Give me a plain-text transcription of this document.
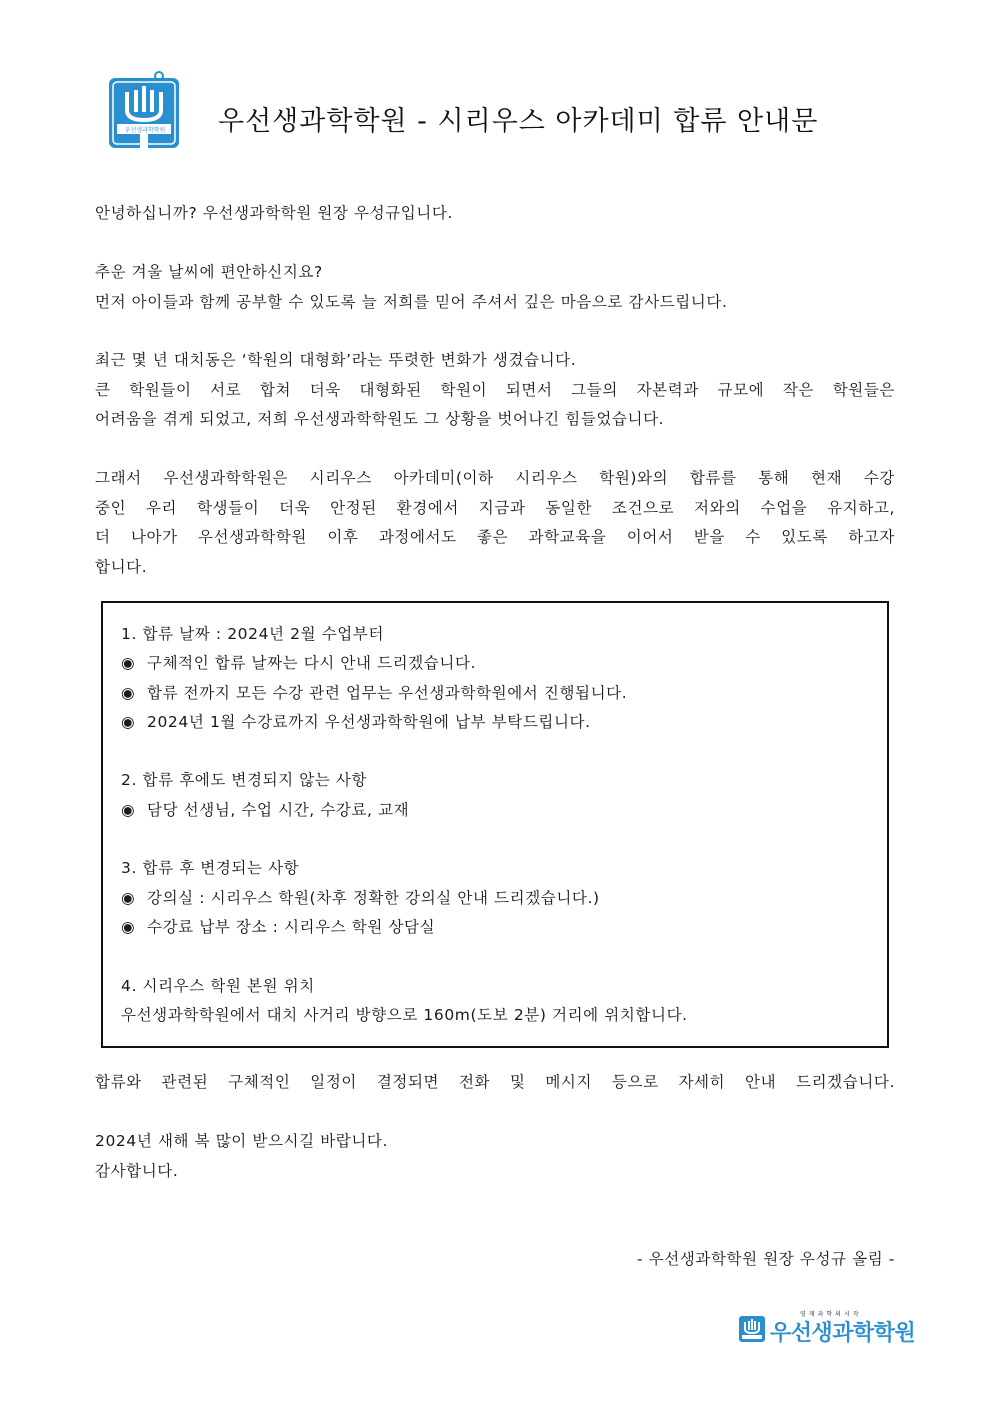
우선생과학학원 우선생과학학원 - 시리우스 아카데미 합류 안내문

안녕하십니까? 우선생과학학원 원장 우성규입니다.

추운 겨울 날씨에 편안하신지요?

먼저 아이들과 함께 공부할 수 있도록 늘 저희를 믿어 주셔서 깊은 마음으로 감사드립니다.

최근 몇 년 대치동은 ‘학원의 대형화’라는 뚜렷한 변화가 생겼습니다.

큰 학원들이 서로 합쳐 더욱 대형화된 학원이 되면서 그들의 자본력과 규모에 작은 학원들은

어려움을 겪게 되었고, 저희 우선생과학학원도 그 상황을 벗어나긴 힘들었습니다.

그래서 우선생과학학원은 시리우스 아카데미(이하 시리우스 학원)와의 합류를 통해 현재 수강

중인 우리 학생들이 더욱 안정된 환경에서 지금과 동일한 조건으로 저와의 수업을 유지하고,

더 나아가 우선생과학학원 이후 과정에서도 좋은 과학교육을 이어서 받을 수 있도록 하고자

합니다.

1. 합류 날짜 : 2024년 2월 수업부터
◉ 구체적인 합류 날짜는 다시 안내 드리겠습니다.
◉ 합류 전까지 모든 수강 관련 업무는 우선생과학학원에서 진행됩니다.
◉ 2024년 1월 수강료까지 우선생과학학원에 납부 부탁드립니다.
2. 합류 후에도 변경되지 않는 사항
◉ 담당 선생님, 수업 시간, 수강료, 교재
3. 합류 후 변경되는 사항
◉ 강의실 : 시리우스 학원(차후 정확한 강의실 안내 드리겠습니다.)
◉ 수강료 납부 장소 : 시리우스 학원 상담실
4. 시리우스 학원 본원 위치
우선생과학학원에서 대치 사거리 방향으로 160m(도보 2분) 거리에 위치합니다.

합류와 관련된 구체적인 일정이 결정되면 전화 및 메시지 등으로 자세히 안내 드리겠습니다.

2024년 새해 복 많이 받으시길 바랍니다.

감사합니다.

- 우선생과학학원 원장 우성규 올림 -
영재과학의시작
우선생과학학원
